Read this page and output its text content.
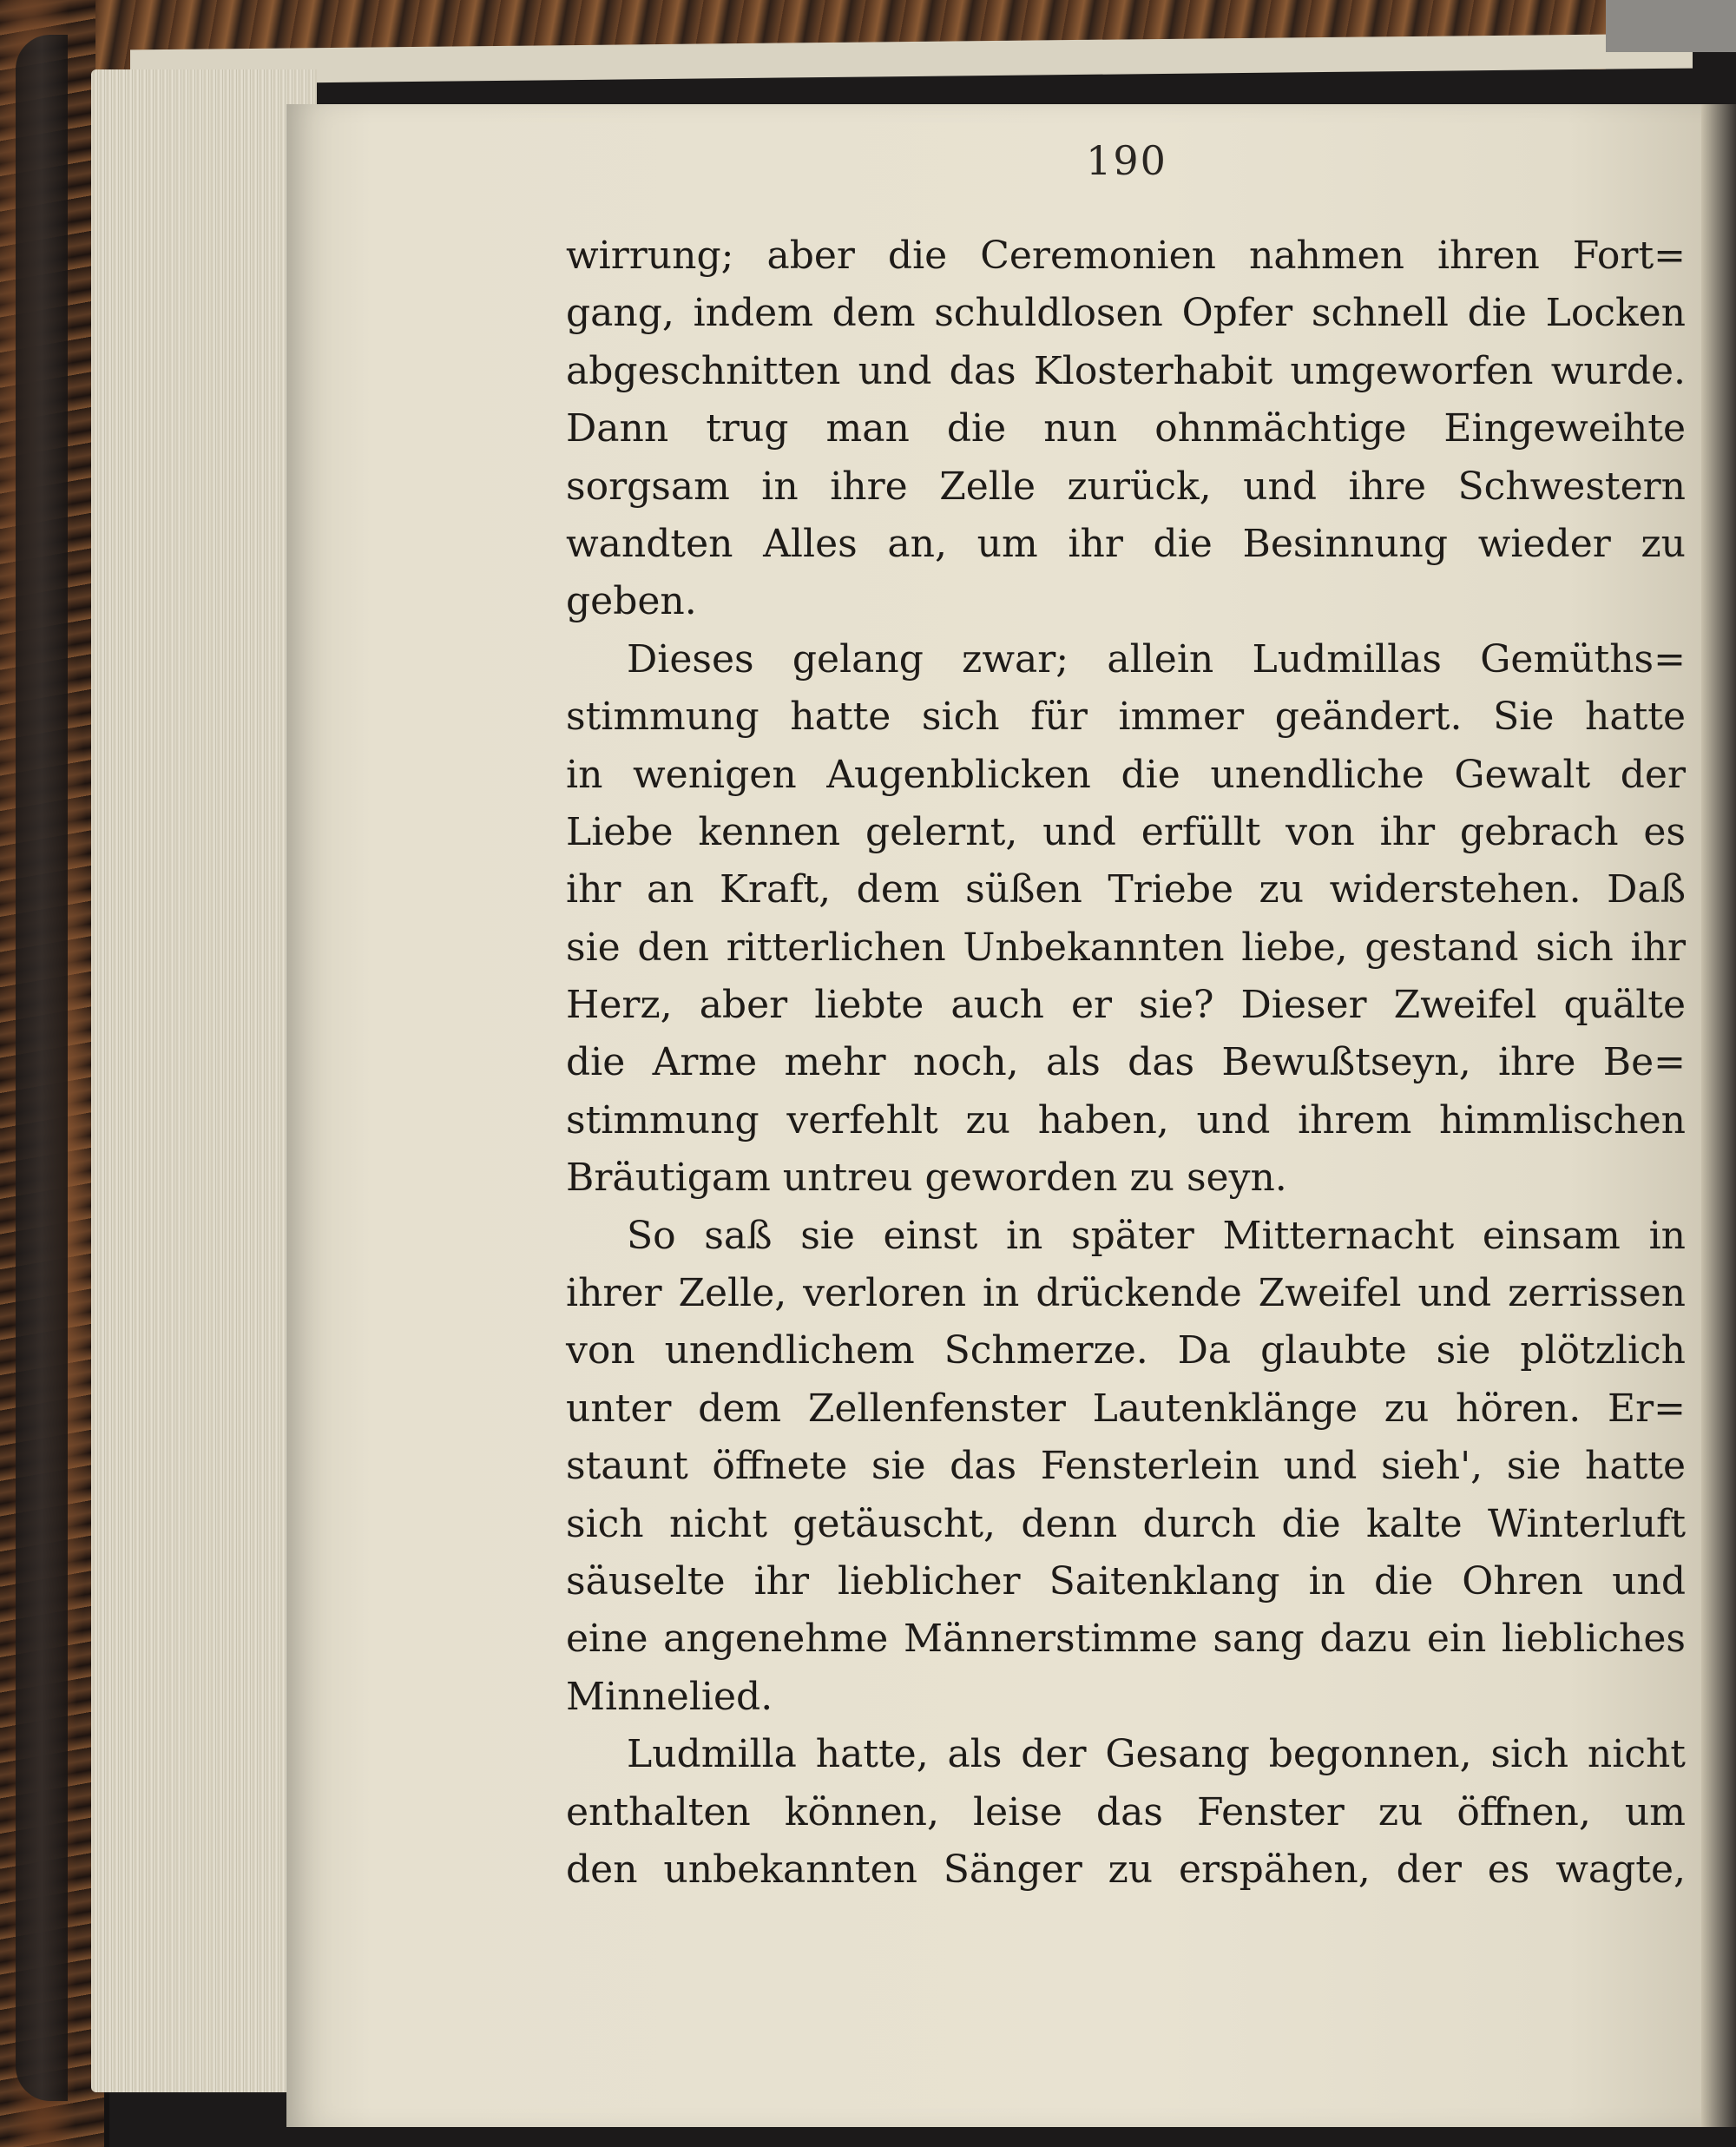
190
wirrung; aber die Ceremonien nahmen ihren Fort=
gang, indem dem schuldlosen Opfer schnell die Locken
abgeschnitten und das Klosterhabit umgeworfen wurde.
Dann trug man die nun ohnmächtige Eingeweihte
sorgsam in ihre Zelle zurück, und ihre Schwestern
wandten Alles an, um ihr die Besinnung wieder zu
geben.
Dieses gelang zwar; allein Ludmillas Gemüths=
stimmung hatte sich für immer geändert. Sie hatte
in wenigen Augenblicken die unendliche Gewalt der
Liebe kennen gelernt, und erfüllt von ihr gebrach es
ihr an Kraft, dem süßen Triebe zu widerstehen. Daß
sie den ritterlichen Unbekannten liebe, gestand sich ihr
Herz, aber liebte auch er sie? Dieser Zweifel quälte
die Arme mehr noch, als das Bewußtseyn, ihre Be=
stimmung verfehlt zu haben, und ihrem himmlischen
Bräutigam untreu geworden zu seyn.
So saß sie einst in später Mitternacht einsam in
ihrer Zelle, verloren in drückende Zweifel und zerrissen
von unendlichem Schmerze. Da glaubte sie plötzlich
unter dem Zellenfenster Lautenklänge zu hören. Er=
staunt öffnete sie das Fensterlein und sieh', sie hatte
sich nicht getäuscht, denn durch die kalte Winterluft
säuselte ihr lieblicher Saitenklang in die Ohren und
eine angenehme Männerstimme sang dazu ein liebliches
Minnelied.
Ludmilla hatte, als der Gesang begonnen, sich nicht
enthalten können, leise das Fenster zu öffnen, um
den unbekannten Sänger zu erspähen, der es wagte,
